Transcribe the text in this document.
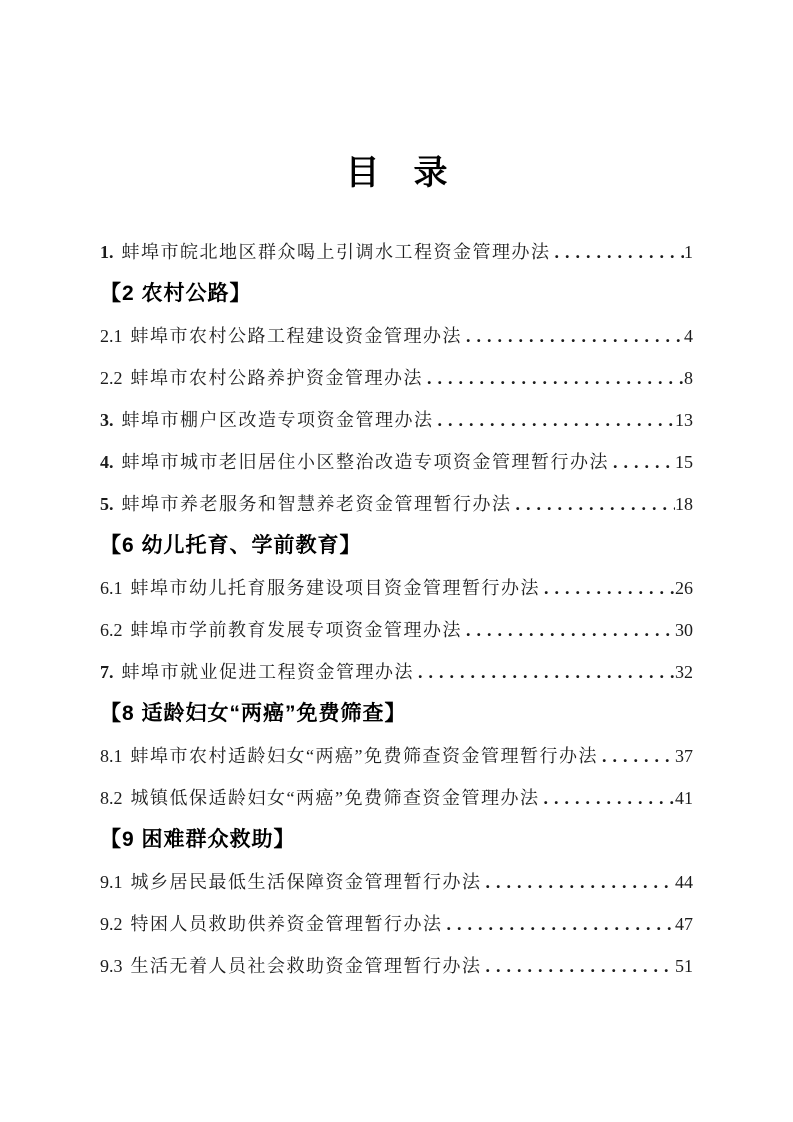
目　录
1. 蚌埠市皖北地区群众喝上引调水工程资金管理办法 .....	1
【2 农村公路】
2.1 蚌埠市农村公路工程建设资金管理办法 .....	4
2.2 蚌埠市农村公路养护资金管理办法 .....	8
3. 蚌埠市棚户区改造专项资金管理办法 .....	13
4. 蚌埠市城市老旧居住小区整治改造专项资金管理暂行办法 .....	15
5. 蚌埠市养老服务和智慧养老资金管理暂行办法 .....	18
【6 幼儿托育、学前教育】
6.1 蚌埠市幼儿托育服务建设项目资金管理暂行办法 .....	26
6.2 蚌埠市学前教育发展专项资金管理办法 .....	30
7. 蚌埠市就业促进工程资金管理办法 .....	32
【8 适龄妇女“两癌”免费筛查】
8.1 蚌埠市农村适龄妇女“两癌”免费筛查资金管理暂行办法 .....	37
8.2 城镇低保适龄妇女“两癌”免费筛查资金管理办法 .....	41
【9 困难群众救助】
9.1 城乡居民最低生活保障资金管理暂行办法 .....	44
9.2 特困人员救助供养资金管理暂行办法 .....	47
9.3 生活无着人员社会救助资金管理暂行办法 .....	51
